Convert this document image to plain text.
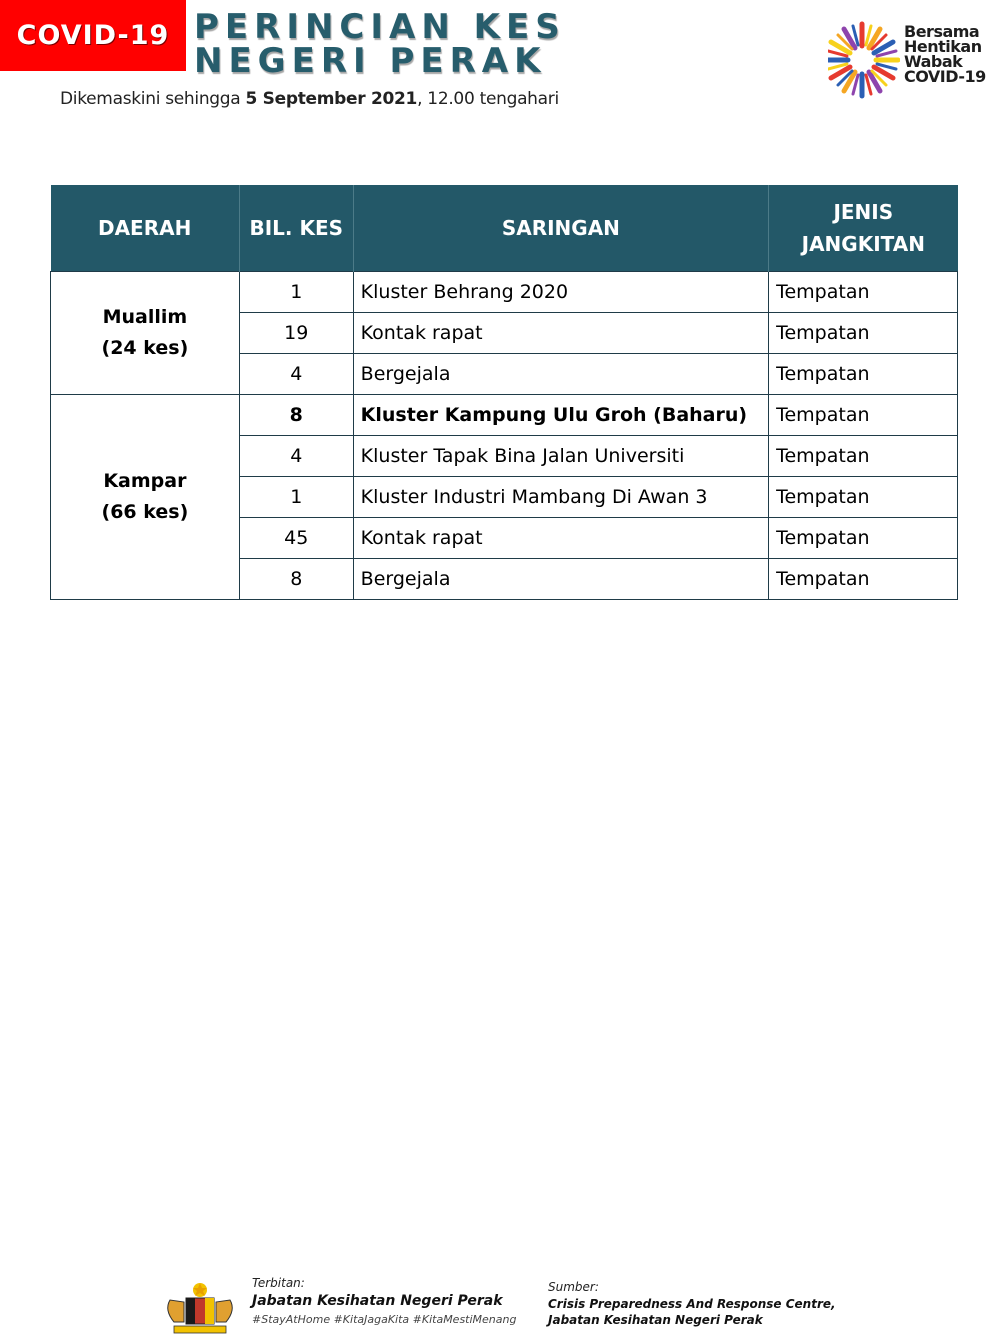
COVID-19 PERINCIAN KES
NEGERI PERAK
Dikemaskini sehingga 5 September 2021, 12.00 tengahari
Bersama
Hentikan
Wabak
COVID-19
DAERAH	BIL. KES	SARINGAN	JENIS
JANGKITAN

Muallim
(24 kes)	1	Kluster Behrang 2020	Tempatan
	19	Kontak rapat	Tempatan
	4	Bergejala	Tempatan

Kampar
(66 kes)	8	Kluster Kampung Ulu Groh (Baharu)	Tempatan
	4	Kluster Tapak Bina Jalan Universiti	Tempatan
	1	Kluster Industri Mambang Di Awan 3	Tempatan
	45	Kontak rapat	Tempatan
	8	Bergejala	Tempatan
Terbitan:
Jabatan Kesihatan Negeri Perak
#StayAtHome #KitaJagaKita #KitaMestiMenang
Sumber:
Crisis Preparedness And Response Centre,
Jabatan Kesihatan Negeri Perak
